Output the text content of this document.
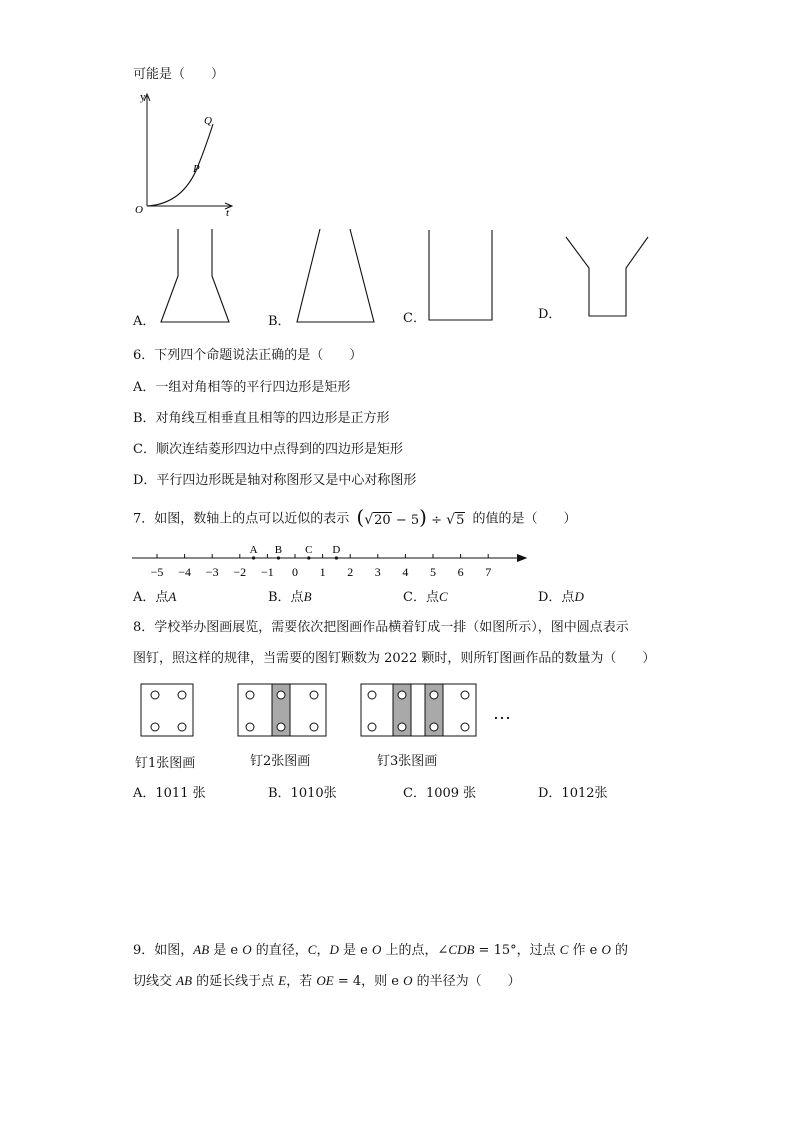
可能是（　　）
y
Q
P
O	t
A．	B．	C．	D．
6．下列四个命题说法正确的是（　　）
A．一组对角相等的平行四边形是矩形
B．对角线互相垂直且相等的四边形是正方形
C．顺次连结菱形四边中点得到的四边形是矩形
D．平行四边形既是轴对称图形又是中心对称图形
7．如图，数轴上的点可以近似的表示 (√20 − 5) ÷ √5 的值的是（　　）
−5 −4 −3 −2 −1 0 1 2 3 4 5 6 7
A B C D
A．点A	B．点B	C．点C	D．点D
8．学校举办图画展览，需要依次把图画作品横着钉成一排（如图所示），图中圆点表示
图钉，照这样的规律，当需要的图钉颗数为 2022 颗时，则所钉图画作品的数量为（　　）
…
钉1张图画	钉2张图画	钉3张图画
A．1011 张	B．1010张	C．1009 张	D．1012张
9．如图，AB 是 e O 的直径，C，D 是 e O 上的点，∠CDB = 15°，过点 C 作 e O 的
切线交 AB 的延长线于点 E，若 OE = 4，则 e O 的半径为（　　）
